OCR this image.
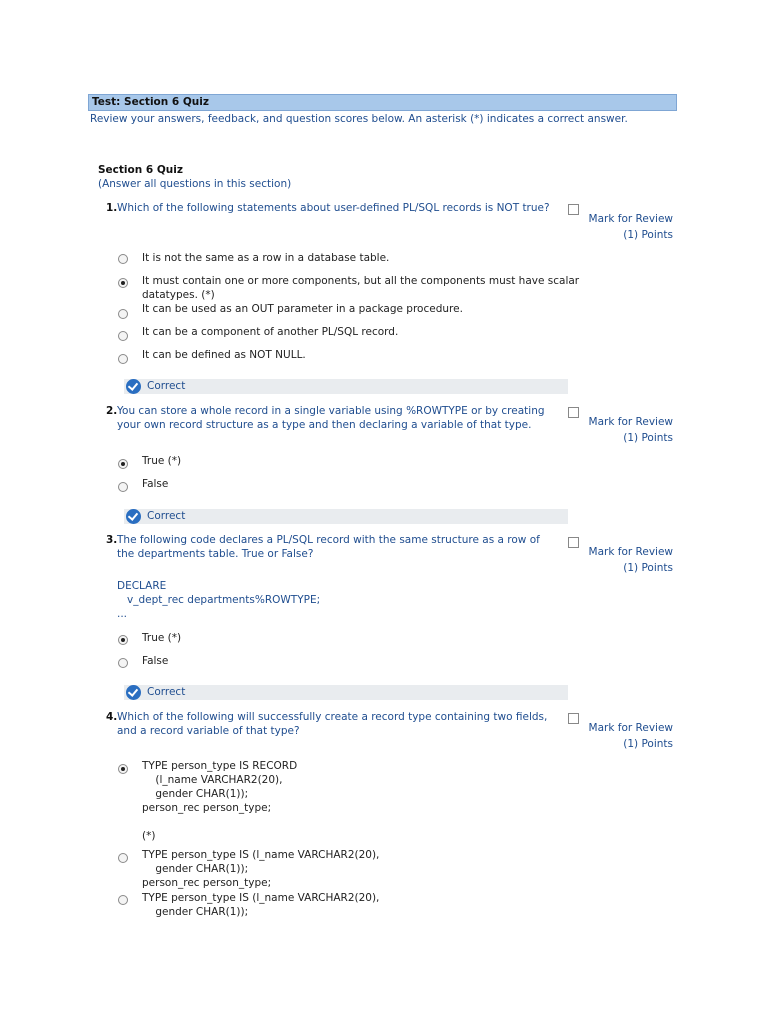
Test: Section 6 Quiz
Review your answers, feedback, and question scores below. An asterisk (*) indicates a correct answer.
Section 6 Quiz
(Answer all questions in this section)
1. Which of the following statements about user-defined PL/SQL records is NOT true?
Mark for Review
(1) Points
It is not the same as a row in a database table.
It must contain one or more components, but all the components must have scalar
datatypes. (*)
It can be used as an OUT parameter in a package procedure.
It can be a component of another PL/SQL record.
It can be defined as NOT NULL.
Correct
2. You can store a whole record in a single variable using %ROWTYPE or by creating your own record structure as a type and then declaring a variable of that type.	Mark for Review
(1) Points
True (*)
False
Correct
3. The following code declares a PL/SQL record with the same structure as a row of the departments table. True or False?	Mark for Review
(1) Points
DECLARE
v_dept_rec departments%ROWTYPE;
...
True (*)
False
Correct
4. Which of the following will successfully create a record type containing two fields, and a record variable of that type?	Mark for Review
(1) Points
TYPE person_type IS RECORD
(l_name VARCHAR2(20),
gender CHAR(1));
person_rec person_type;

(*)
TYPE person_type IS (l_name VARCHAR2(20),
gender CHAR(1));
person_rec person_type;
TYPE person_type IS (l_name VARCHAR2(20),
gender CHAR(1));
